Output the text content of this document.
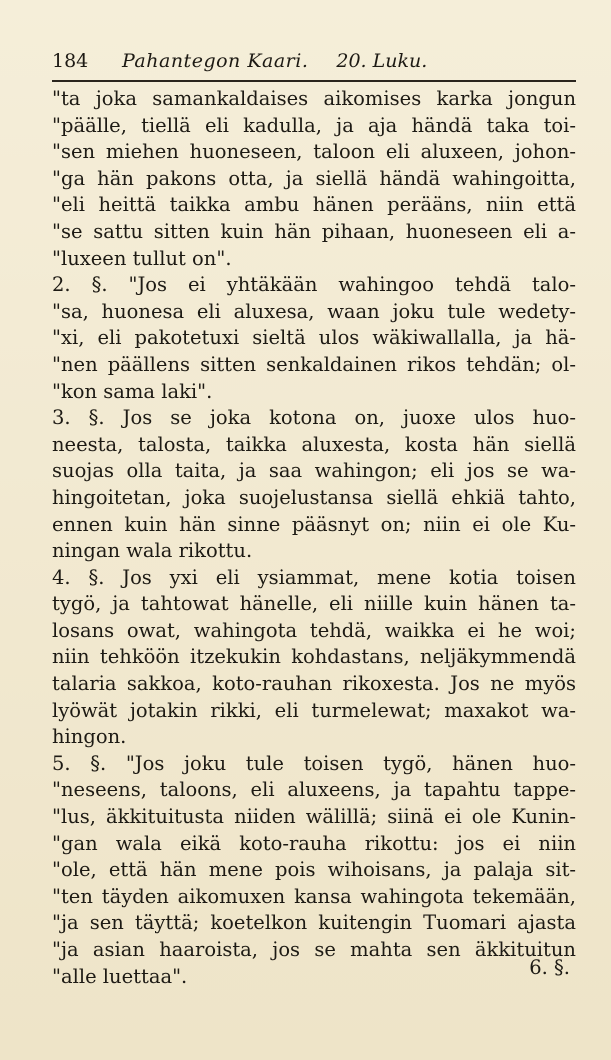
184	Pahantegon Kaari. 20. Luku.
"ta joka samankaldaises aikomises karka jongun
"päälle, tiellä eli kadulla, ja aja händä taka toi-
"sen miehen huoneseen, taloon eli aluxeen, johon-
"ga hän pakons otta, ja siellä händä wahingoitta,
"eli heittä taikka ambu hänen perääns, niin että
"se sattu sitten kuin hän pihaan, huoneseen eli a-
"luxeen tullut on".
2. §. "Jos ei yhtäkään wahingoo tehdä talo-
"sa, huonesa eli aluxesa, waan joku tule wedety-
"xi, eli pakotetuxi sieltä ulos wäkiwallalla, ja hä-
"nen päällens sitten senkaldainen rikos tehdän; ol-
"kon sama laki".
3. §. Jos se joka kotona on, juoxe ulos huo-
neesta, talosta, taikka aluxesta, kosta hän siellä
suojas olla taita, ja saa wahingon; eli jos se wa-
hingoitetan, joka suojelustansa siellä ehkiä tahto,
ennen kuin hän sinne pääsnyt on; niin ei ole Ku-
ningan wala rikottu.
4. §. Jos yxi eli ysiammat, mene kotia toisen
tygö, ja tahtowat hänelle, eli niille kuin hänen ta-
losans owat, wahingota tehdä, waikka ei he woi;
niin tehköön itzekukin kohdastans, neljäkymmendä
talaria sakkoa, koto-rauhan rikoxesta. Jos ne myös
lyöwät jotakin rikki, eli turmelewat; maxakot wa-
hingon.
5. §. "Jos joku tule toisen tygö, hänen huo-
"neseens, taloons, eli aluxeens, ja tapahtu tappe-
"lus, äkkituitusta niiden wälillä; siinä ei ole Kunin-
"gan wala eikä koto-rauha rikottu: jos ei niin
"ole, että hän mene pois wihoisans, ja palaja sit-
"ten täyden aikomuxen kansa wahingota tekemään,
"ja sen täyttä; koetelkon kuitengin Tuomari ajasta
"ja asian haaroista, jos se mahta sen äkkituitun
"alle luettaa".	6. §.
